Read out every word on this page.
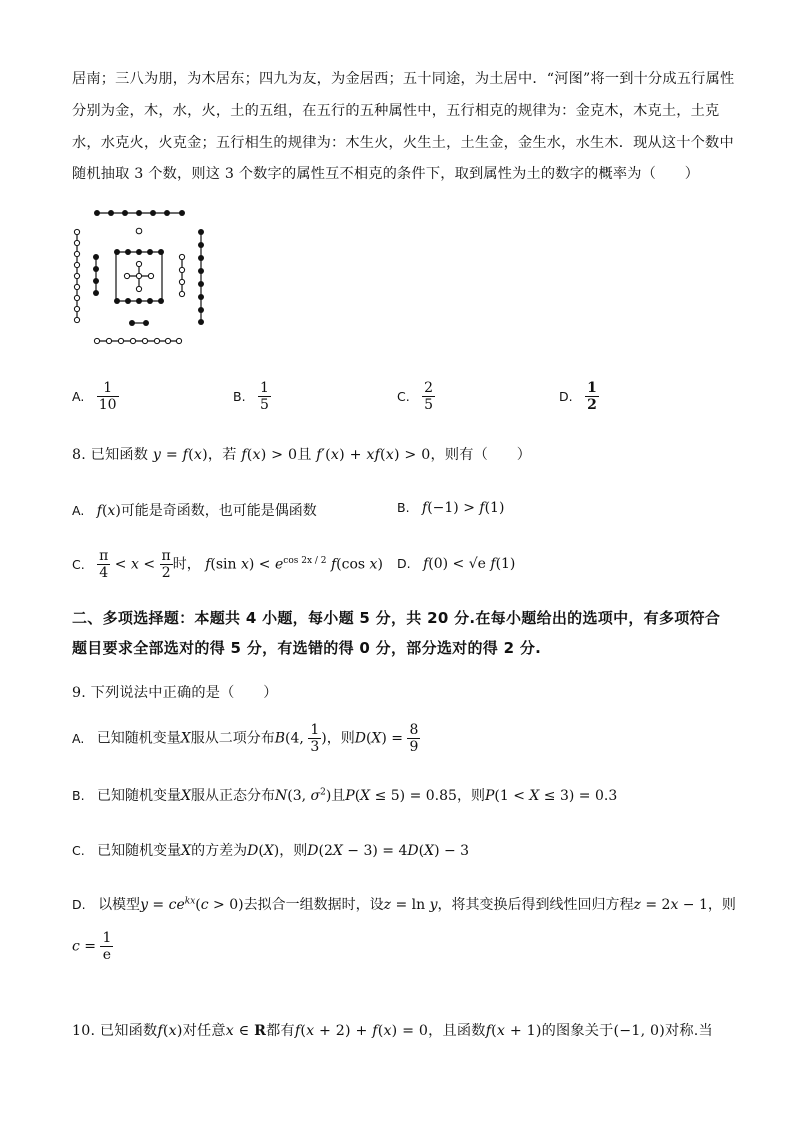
居南；三八为朋，为木居东；四九为友，为金居西；五十同途，为土居中．“河图”将一到十分成五行属性
分别为金，木，水，火，土的五组，在五行的五种属性中，五行相克的规律为：金克木，木克土，土克
水，水克火，火克金；五行相生的规律为：木生火，火生土，土生金，金生水，水生木．现从这十个数中
随机抽取 3 个数，则这 3 个数字的属性互不相克的条件下，取到属性为土的数字的概率为（　　）
A. $\frac{1}{10}$	B. $\frac{1}{5}$	C. $\frac{2}{5}$	D. $\frac{1}{2}$
8. 已知函数 y = f(x)，若 f(x) > 0且 f′(x) + xf(x) > 0，则有（　　）
A. f(x)可能是奇函数，也可能是偶函数	B. f(−1) > f(1)
C. $\frac{\pi}{4} < x < \frac{\pi}{2}$ 时， f(sin $x) < e^{cos 2x / 2}$ f(cos x) D. f(0) < √e f(1)
二、多项选择题：本题共 4 小题，每小题 5 分，共 20 分.在每小题给出的选项中，有多项符合
题目要求全部选对的得 5 分，有选错的得 0 分，部分选对的得 2 分.
9. 下列说法中正确的是（　　）
A. 已知随机变量X服从二项分布B(4, $\frac{1}{3}$ )，则$D(X) = \frac{8}{9}$
B. 已知随机变量X服从正态分布N(3, $\sigma^2$)且P(X ≤ 5) = 0.85，则P(1 < X ≤ 3) = 0.3
C. 已知随机变量X的方差为D(X)，则D(2X − 3) = 4D(X) − 3
D. 以模型$y = ce^{kx}(c > 0)$去拟合一组数据时，设z = ln y，将其变换后得到线性回归方程z = 2x − 1，则
$c = \frac{1}{e}$
10. 已知函数f(x)对任意x ∈ R都有f(x + 2) + f(x) = 0，且函数f(x + 1)的图象关于(−1, 0)对称.当
